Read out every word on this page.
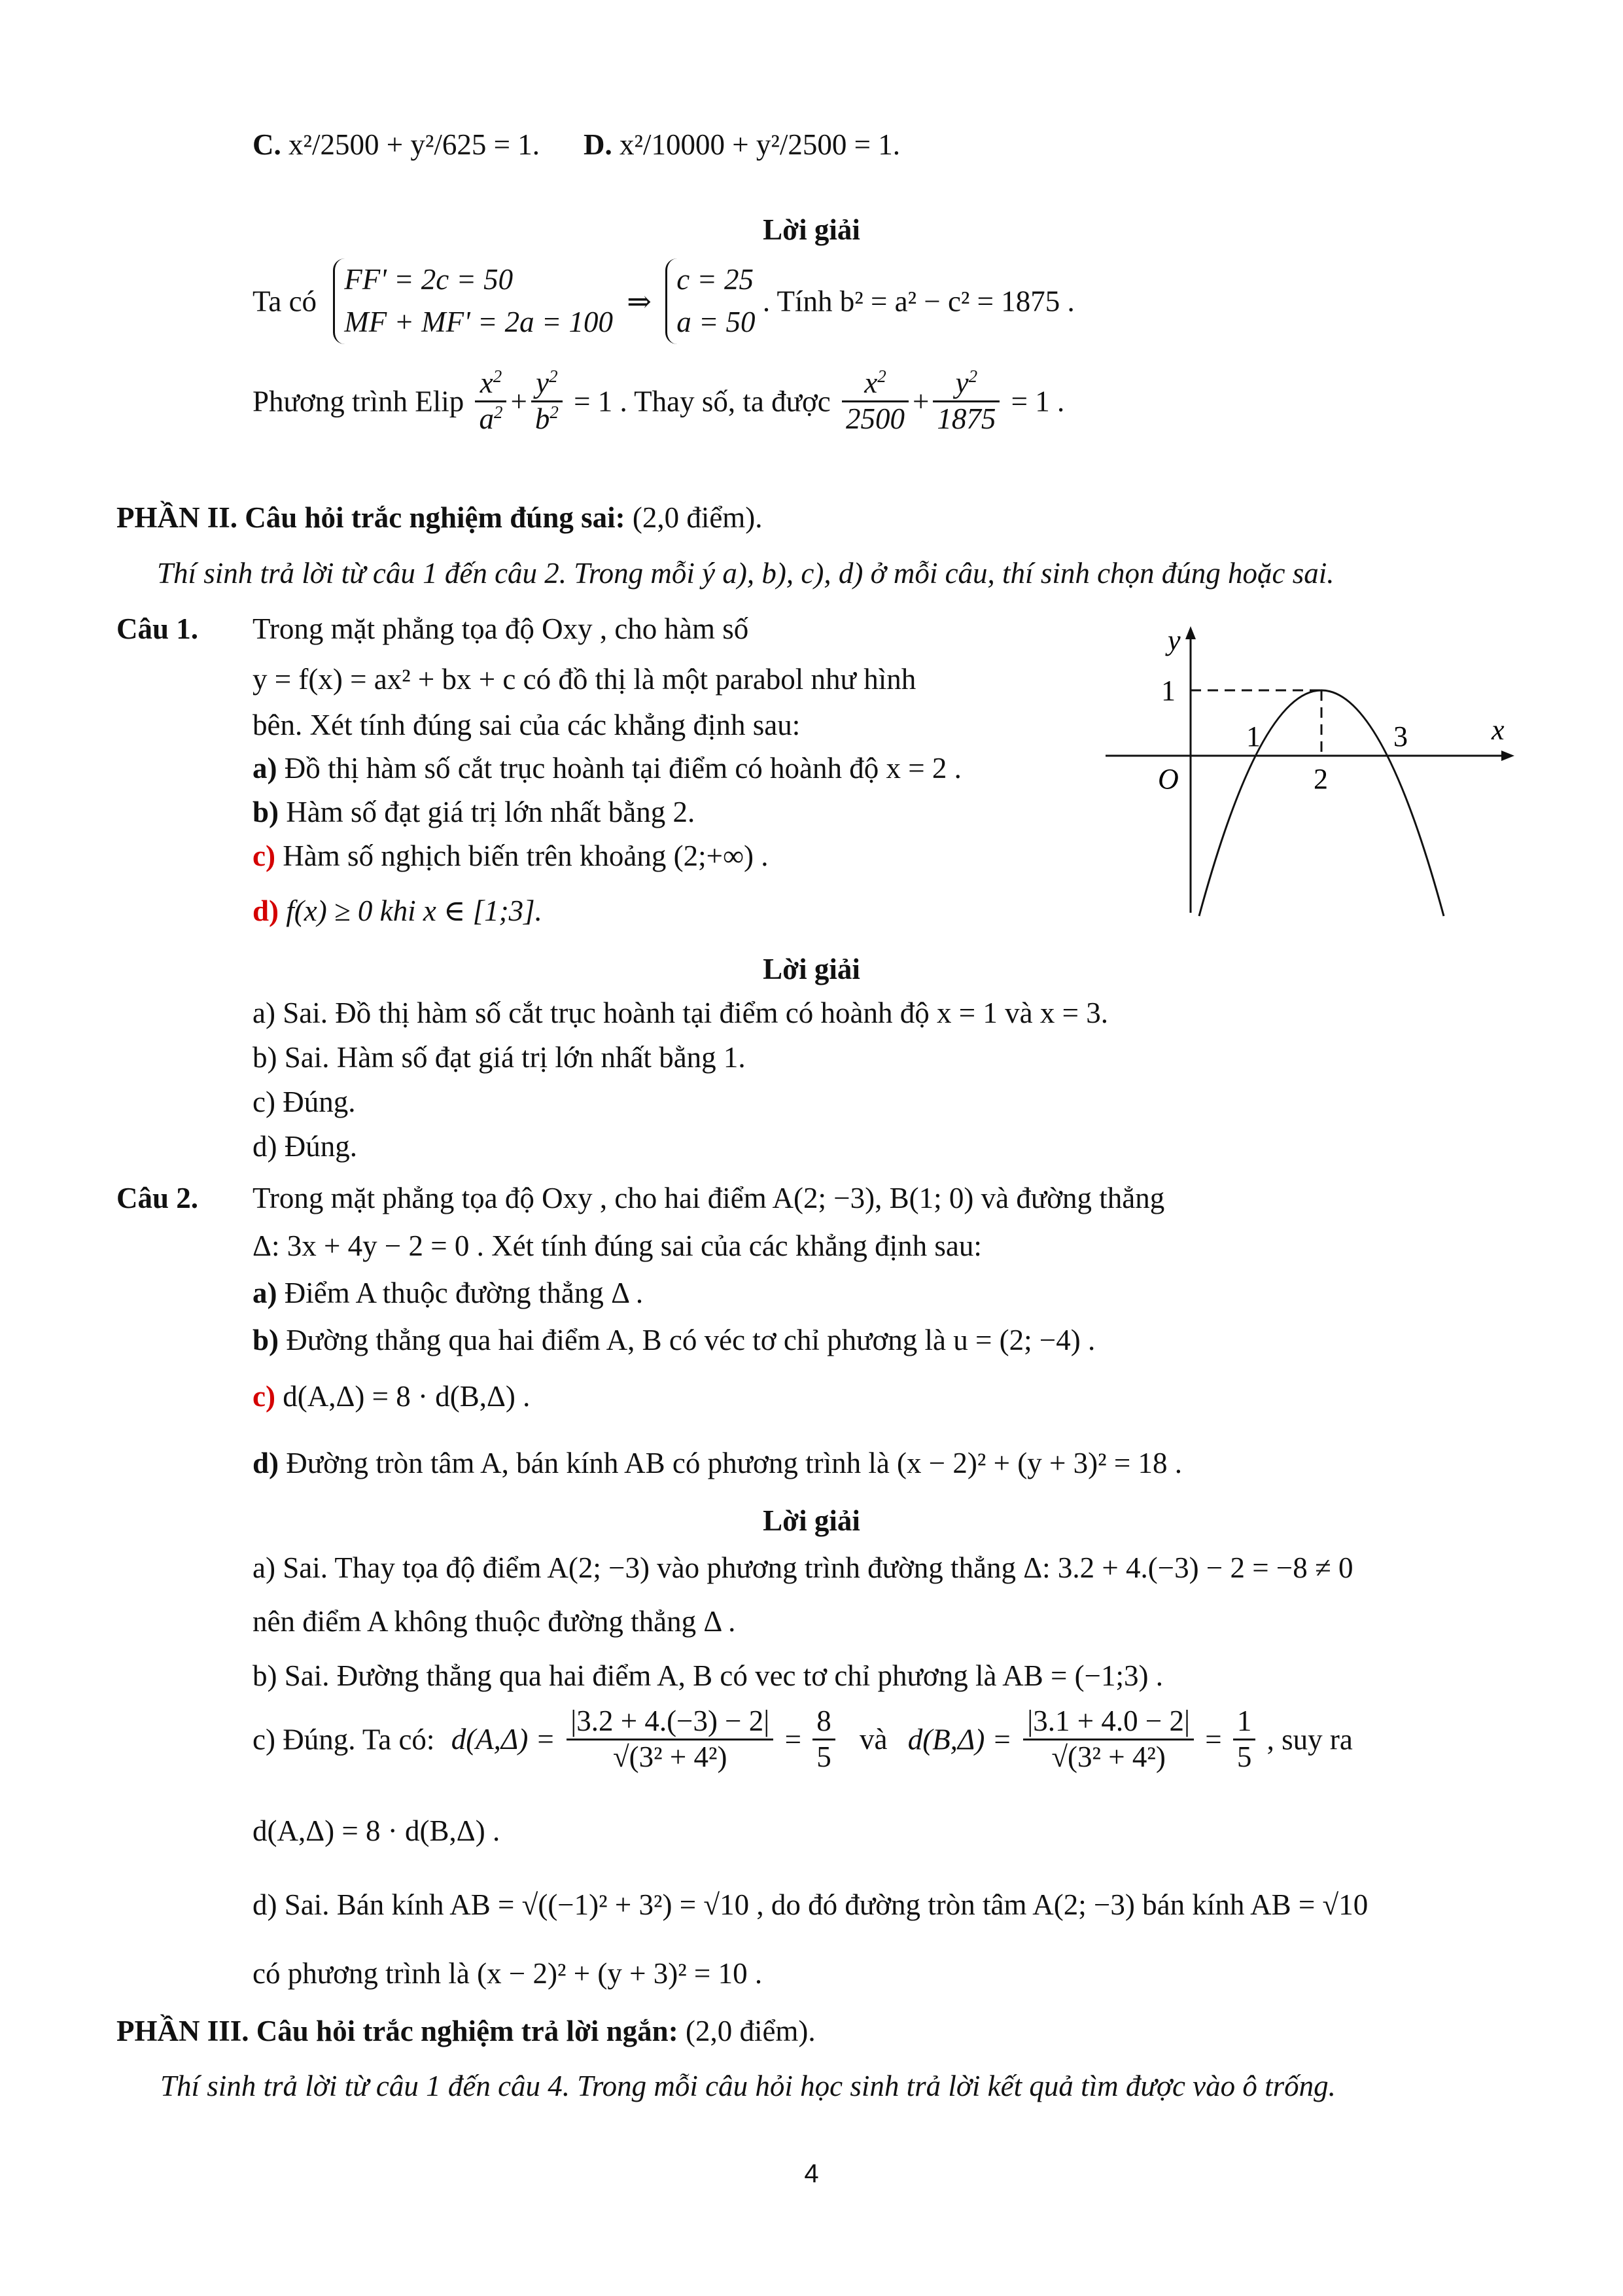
C. x²/2500 + y²/625 = 1. D. x²/10000 + y²/2500 = 1.
Lời giải
Ta có
FF' = 2c = 50
MF + MF' = 2a = 100
⇒
c = 25
a = 50
. Tính b² = a² − c² = 1875 .
Phương trình Elip $\frac{x^2}{a^2} + \frac{y^2}{b^2} = 1$ . Thay số, ta được $\frac{x^2}{2500} + \frac{y^2}{1875} = 1$ .
PHẦN II. Câu hỏi trắc nghiệm đúng sai: (2,0 điểm).
Thí sinh trả lời từ câu 1 đến câu 2. Trong mỗi ý a), b), c), d) ở mỗi câu, thí sinh chọn đúng hoặc sai.
Câu 1. Trong mặt phẳng tọa độ Oxy , cho hàm số
y = f(x) = ax² + bx + c có đồ thị là một parabol như hình
bên. Xét tính đúng sai của các khẳng định sau:
a) Đồ thị hàm số cắt trục hoành tại điểm có hoành độ x = 2 .
b) Hàm số đạt giá trị lớn nhất bằng 2.
c) Hàm số nghịch biến trên khoảng (2;+∞) .
d) f(x) ≥ 0 khi x ∈ [1;3].
y
x
O
1
1
2
3
Lời giải
a) Sai. Đồ thị hàm số cắt trục hoành tại điểm có hoành độ x = 1 và x = 3.
b) Sai. Hàm số đạt giá trị lớn nhất bằng 1.
c) Đúng.
d) Đúng.
Câu 2. Trong mặt phẳng tọa độ Oxy , cho hai điểm A(2; −3), B(1; 0) và đường thẳng
Δ: 3x + 4y − 2 = 0 . Xét tính đúng sai của các khẳng định sau:
a) Điểm A thuộc đường thẳng Δ .
b) Đường thẳng qua hai điểm A, B có véc tơ chỉ phương là u = (2; −4) .
c) d(A,Δ) = 8 · d(B,Δ) .
d) Đường tròn tâm A, bán kính AB có phương trình là (x − 2)² + (y + 3)² = 18 .
Lời giải
a) Sai. Thay tọa độ điểm A(2; −3) vào phương trình đường thẳng Δ: 3.2 + 4.(−3) − 2 = −8 ≠ 0
nên điểm A không thuộc đường thẳng Δ .
b) Sai. Đường thẳng qua hai điểm A, B có vec tơ chỉ phương là AB = (−1;3) .
c) Đúng. Ta có: $d(A,\Delta) = \frac{|3.2 + 4.(-3) - 2|}{\text{√(3² + 4²)}} = \frac{8}{5}$ và $d(B,\Delta) = \frac{|3.1 + 4.0 - 2|}{\text{√(3² + 4²)}} = \frac{1}{5}$ , suy ra
d(A,Δ) = 8 · d(B,Δ) .
d) Sai. Bán kính AB = √((−1)² + 3²) = √10 , do đó đường tròn tâm A(2; −3) bán kính AB = √10
có phương trình là (x − 2)² + (y + 3)² = 10 .
PHẦN III. Câu hỏi trắc nghiệm trả lời ngắn: (2,0 điểm).
Thí sinh trả lời từ câu 1 đến câu 4. Trong mỗi câu hỏi học sinh trả lời kết quả tìm được vào ô trống.
4
